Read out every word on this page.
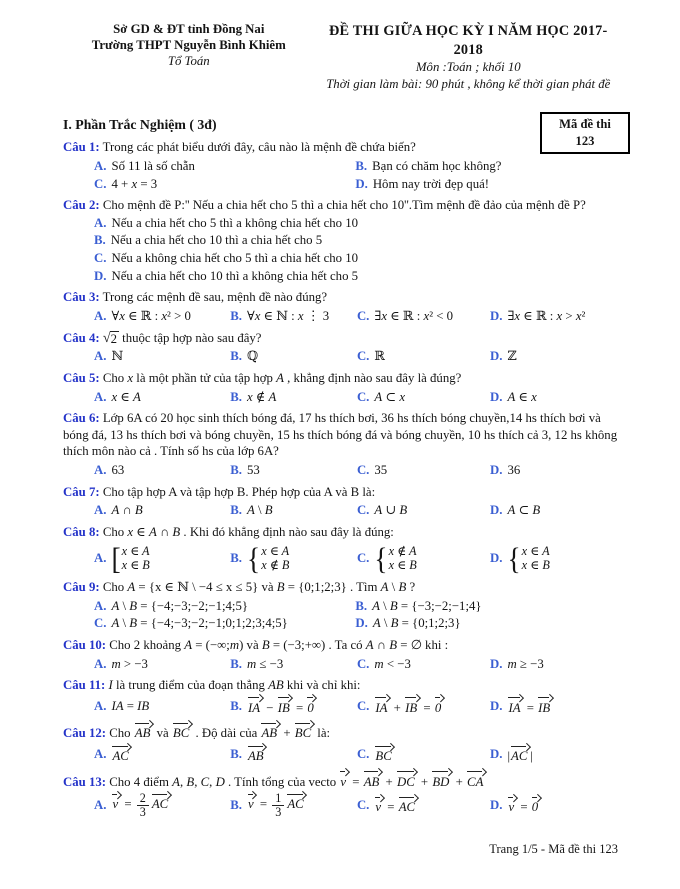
Sở GD & ĐT tỉnh Đồng Nai
Trường THPT Nguyễn Bình Khiêm
Tổ Toán
ĐỀ THI GIỮA HỌC KỲ I NĂM HỌC 2017-2018
Môn :Toán ; khối 10
Thời gian làm bài: 90 phút , không kể thời gian phát đề
Mã đề thi
123
I. Phần Trắc Nghiệm ( 3đ)
Câu 1: Trong các phát biểu dưới đây, câu nào là mệnh đề chứa biến?
A. Số 11 là số chẵn	B. Bạn có chăm học không?
C. 4 + x = 3	D. Hôm nay trời đẹp quá!
Câu 2: Cho mệnh đề P:'' Nếu a chia hết cho 5 thì a chia hết cho 10''.Tìm mệnh đề đảo của mệnh đề P?
A. Nếu a chia hết cho 5 thì a không chia hết cho 10
B. Nếu a chia hết cho 10 thì a chia hết cho 5
C. Nếu a không chia hết cho 5 thì a chia hết cho 10
D. Nếu a chia hết cho 10 thì a không chia hết cho 5
Câu 3: Trong các mệnh đề sau, mệnh đề nào đúng?
A. ∀x ∈ ℝ : x² > 0	B. ∀x ∈ ℕ : x ⋮ 3 C. ∃x ∈ ℝ : x² < 0	D. ∃x ∈ ℝ : x > x²
Câu 4: √ 2 thuộc tập hợp nào sau đây?
A. ℕ	B. ℚ	C. ℝ	D. ℤ
Câu 5: Cho x là một phần tử của tập hợp A , khẳng định nào sau đây là đúng?
A. x ∈ A	B. x ∉ A	C. A ⊂ x	D. A ∈ x
Câu 6: Lớp 6A có 20 học sinh thích bóng đá, 17 hs thích bơi, 36 hs thích bóng chuyền,14 hs thích bơi và bóng đá, 13 hs thích bơi và bóng chuyền, 15 hs thích bóng đá và bóng chuyền, 10 hs thích cả 3, 12 hs không thích môn nào cả . Tính số hs của lớp 6A?
A. 63	B. 53	C. 35	D. 36
Câu 7: Cho tập hợp A và tập hợp B. Phép hợp của A và B là:
A. A ∩ B	B. A \ B	C. A ∪ B	D. A ⊂ B
Câu 8: Cho x ∈ A ∩ B . Khi đó khẳng định nào sau đây là đúng:
A. [ x ∈ A
x ∈ B
B. { x ∈ A
x ∉ B
C. { x ∉ A
x ∈ B
D. { x ∈ A
x ∈ B
Câu 9: Cho A = {x ∈ ℕ \ −4 ≤ x ≤ 5} và B = {0;1;2;3} . Tìm A \ B ?
A. A \ B = {−4;−3;−2;−1;4;5}	B. A \ B = {−3;−2;−1;4}
C. A \ B = {−4;−3;−2;−1;0;1;2;3;4;5}	D. A \ B = {0;1;2;3}
Câu 10: Cho 2 khoảng A = (−∞;m) và B = (−3;+∞) . Ta có A ∩ B = ∅ khi :
A. m > −3	B. m ≤ −3	C. m < −3	D. m ≥ −3
Câu 11: I là trung điểm của đoạn thẳng AB khi và chỉ khi:
A. IA = IB	B. IA − IB = 0	C. IA + IB = 0	D. IA = IB
Câu 12: Cho AB và BC . Độ dài của AB + BC là:
A. AC	B. AB	C. BC	D. |AC |
Câu 13: Cho 4 điểm A, B, C, D . Tính tổng của vecto v = AB + DC + BD + CA
A. $v = \frac{2}{3}$ AC	B. $v = \frac{1}{3}$ AC	C. v = AC	D. v = 0
Trang 1/5 - Mã đề thi 123
